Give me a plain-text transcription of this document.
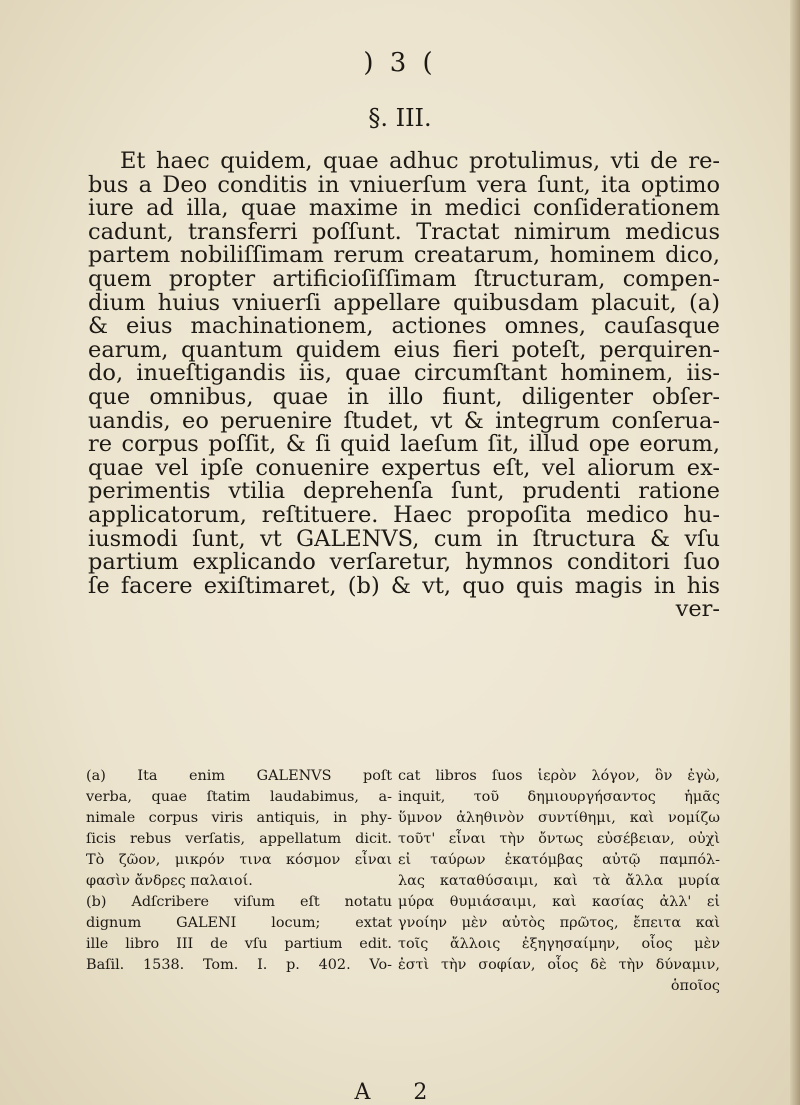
) 3 (
§. III.
Et haec quidem, quae adhuc protulimus, vti de re-
bus a Deo conditis in vniuerſum vera ſunt, ita optimo
iure ad illa, quae maxime in medici conſiderationem
cadunt, transferri poſſunt. Tractat nimirum medicus
partem nobiliſſimam rerum creatarum, hominem dico,
quem propter artificioſiſſimam ſtructuram, compen-
dium huius vniuerſi appellare quibusdam placuit, (a)
& eius machinationem, actiones omnes, cauſasque
earum, quantum quidem eius fieri poteſt, perquiren-
do, inueſtigandis iis, quae circumſtant hominem, iis-
que omnibus, quae in illo fiunt, diligenter obſer-
uandis, eo peruenire ſtudet, vt & integrum conſerua-
re corpus poſſit, & ſi quid laeſum ſit, illud ope eorum,
quae vel ipſe conuenire expertus eſt, vel aliorum ex-
perimentis vtilia deprehenſa ſunt, prudenti ratione
applicatorum, reſtituere. Haec propoſita medico hu-
iusmodi ſunt, vt GALENVS, cum in ſtructura & vſu
partium explicando verſaretur, hymnos conditori ſuo
ſe facere exiſtimaret, (b) & vt, quo quis magis in his
ver-
(a) Ita enim GALENVS poſt
verba, quae ſtatim laudabimus, a-
nimale corpus viris antiquis, in phy-
ſicis rebus verſatis, appellatum dicit.
Τὸ ζῶον, μικρόν τινα κόσμον εἶναι
φασὶν ἄνδρες παλαιοί.
(b) Adſcribere viſum eſt notatu
dignum GALENI locum; extat
ille libro III de vſu partium edit.
Baſil. 1538. Tom. I. p. 402. Vo-
cat libros ſuos ἱερὸν λόγον, ὃν ἐγὼ,
inquit, τοῦ δημιουργήσαντος ἡμᾶς
ὕμνον ἀληθινὸν συντίθημι, καὶ νομίζω
τοῦτ' εἶναι τὴν ὄντως εὐσέβειαν, οὐχὶ
εἰ ταύρων ἑκατόμβας αὐτῷ παμπόλ-
λας καταθύσαιμι, καὶ τὰ ἄλλα μυρία
μύρα θυμιάσαιμι, καὶ κασίας ἀλλ' εἰ
γνοίην μὲν αὐτὸς πρῶτος, ἔπειτα καὶ
τοῖς ἄλλοις ἐξηγησαίμην, οἷος μὲν
ἐστὶ τὴν σοφίαν, οἷος δὲ τὴν δύναμιν,
ὁποῖος
A 2
